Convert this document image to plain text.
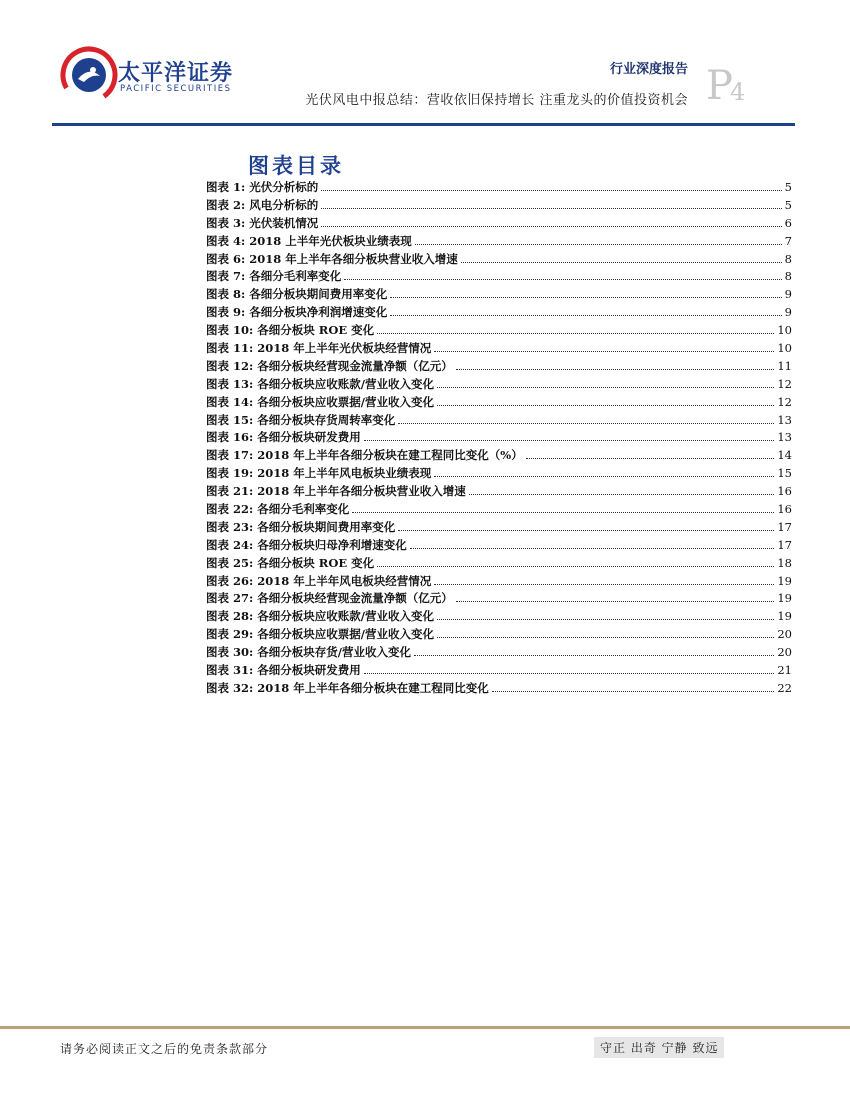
太平洋证券
PACIFIC SECURITIES
行业深度报告
光伏风电中报总结：营收依旧保持增长 注重龙头的价值投资机会 P
4
图表目录
图表 1: 光伏分析标的	5
图表 2: 风电分析标的	5
图表 3: 光伏装机情况	6
图表 4: 2018 上半年光伏板块业绩表现	7
图表 6: 2018 年上半年各细分板块营业收入增速	8
图表 7: 各细分毛利率变化	8
图表 8: 各细分板块期间费用率变化	9
图表 9: 各细分板块净利润增速变化	9
图表 10: 各细分板块 ROE 变化	10
图表 11: 2018 年上半年光伏板块经营情况	10
图表 12: 各细分板块经营现金流量净额（亿元）	11
图表 13: 各细分板块应收账款/营业收入变化	12
图表 14: 各细分板块应收票据/营业收入变化	12
图表 15: 各细分板块存货周转率变化	13
图表 16: 各细分板块研发费用	13
图表 17: 2018 年上半年各细分板块在建工程同比变化（%）	14
图表 19: 2018 年上半年风电板块业绩表现	15
图表 21: 2018 年上半年各细分板块营业收入增速	16
图表 22: 各细分毛利率变化	16
图表 23: 各细分板块期间费用率变化	17
图表 24: 各细分板块归母净利增速变化	17
图表 25: 各细分板块 ROE 变化	18
图表 26: 2018 年上半年风电板块经营情况	19
图表 27: 各细分板块经营现金流量净额（亿元）	19
图表 28: 各细分板块应收账款/营业收入变化	19
图表 29: 各细分板块应收票据/营业收入变化	20
图表 30: 各细分板块存货/营业收入变化	20
图表 31: 各细分板块研发费用	21
图表 32: 2018 年上半年各细分板块在建工程同比变化	22
请务必阅读正文之后的免责条款部分	守正 出奇 宁静 致远
